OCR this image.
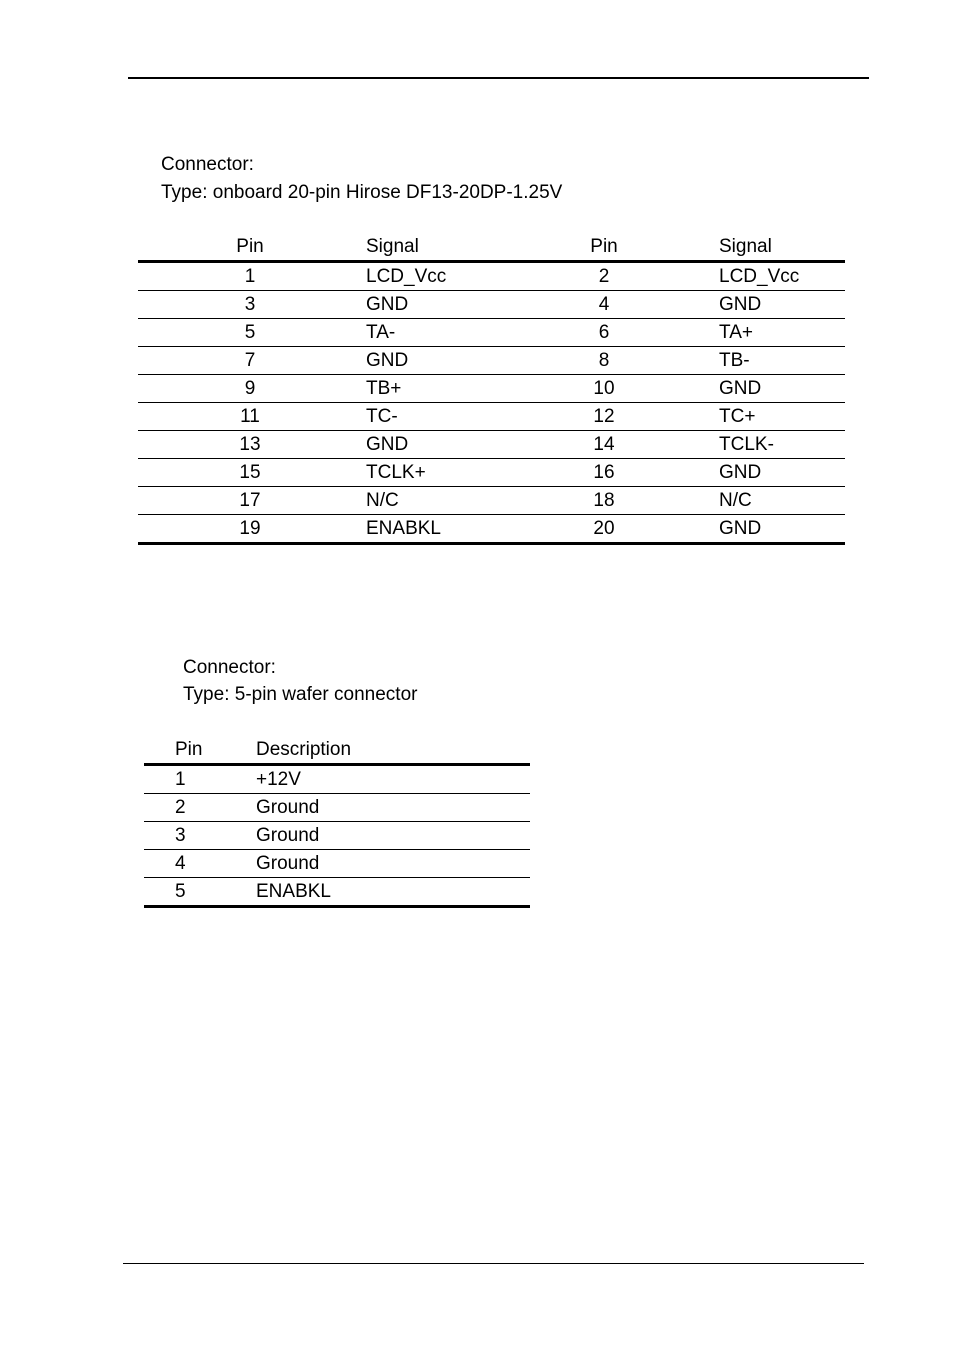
Connector:
Type: onboard 20-pin Hirose DF13-20DP-1.25V
Pin	Signal	Pin	Signal
1	LCD_Vcc	2	LCD_Vcc
3	GND	4	GND
5	TA-	6	TA+
7	GND	8	TB-
9	TB+	10	GND
11	TC-	12	TC+
13	GND	14	TCLK-
15	TCLK+	16	GND
17	N/C	18	N/C
19	ENABKL	20	GND
Connector:
Type: 5-pin wafer connector
Pin	Description
1	+12V
2	Ground
3	Ground
4	Ground
5	ENABKL
